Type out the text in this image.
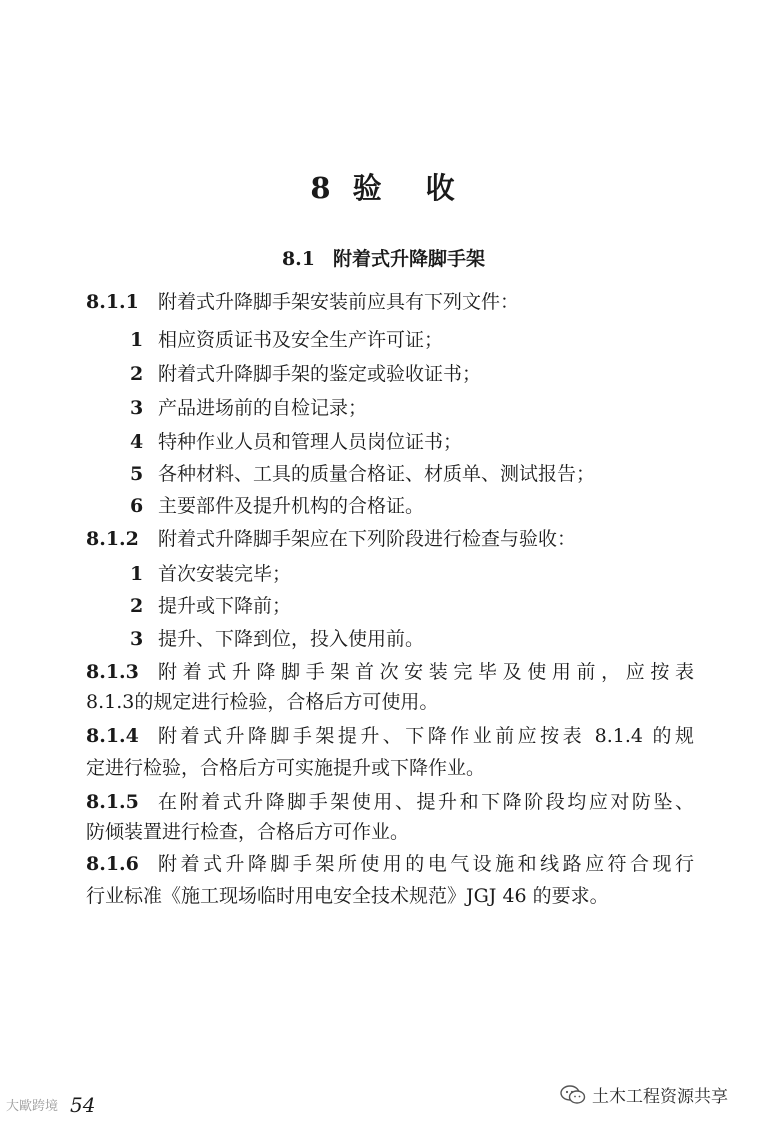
8 验 收
8.1 附着式升降脚手架
8.1.1 附着式升降脚手架安装前应具有下列文件：
1 相应资质证书及安全生产许可证；
2 附着式升降脚手架的鉴定或验收证书；
3 产品进场前的自检记录；
4 特种作业人员和管理人员岗位证书；
5 各种材料、工具的质量合格证、材质单、测试报告；
6 主要部件及提升机构的合格证。
8.1.2 附着式升降脚手架应在下列阶段进行检查与验收：
1 首次安装完毕；
2 提升或下降前；
3 提升、下降到位，投入使用前。
8.1.3 附着式升降脚手架首次安装完毕及使用前，应按表
8.1.3的规定进行检验，合格后方可使用。
8.1.4 附着式升降脚手架提升、下降作业前应按表 8.1.4 的规
定进行检验，合格后方可实施提升或下降作业。
8.1.5 在附着式升降脚手架使用、提升和下降阶段均应对防坠、
防倾装置进行检查，合格后方可作业。
8.1.6 附着式升降脚手架所使用的电气设施和线路应符合现行
行业标准《施工现场临时用电安全技术规范》JGJ 46 的要求。
大歐跨境 54	土木工程资源共享
